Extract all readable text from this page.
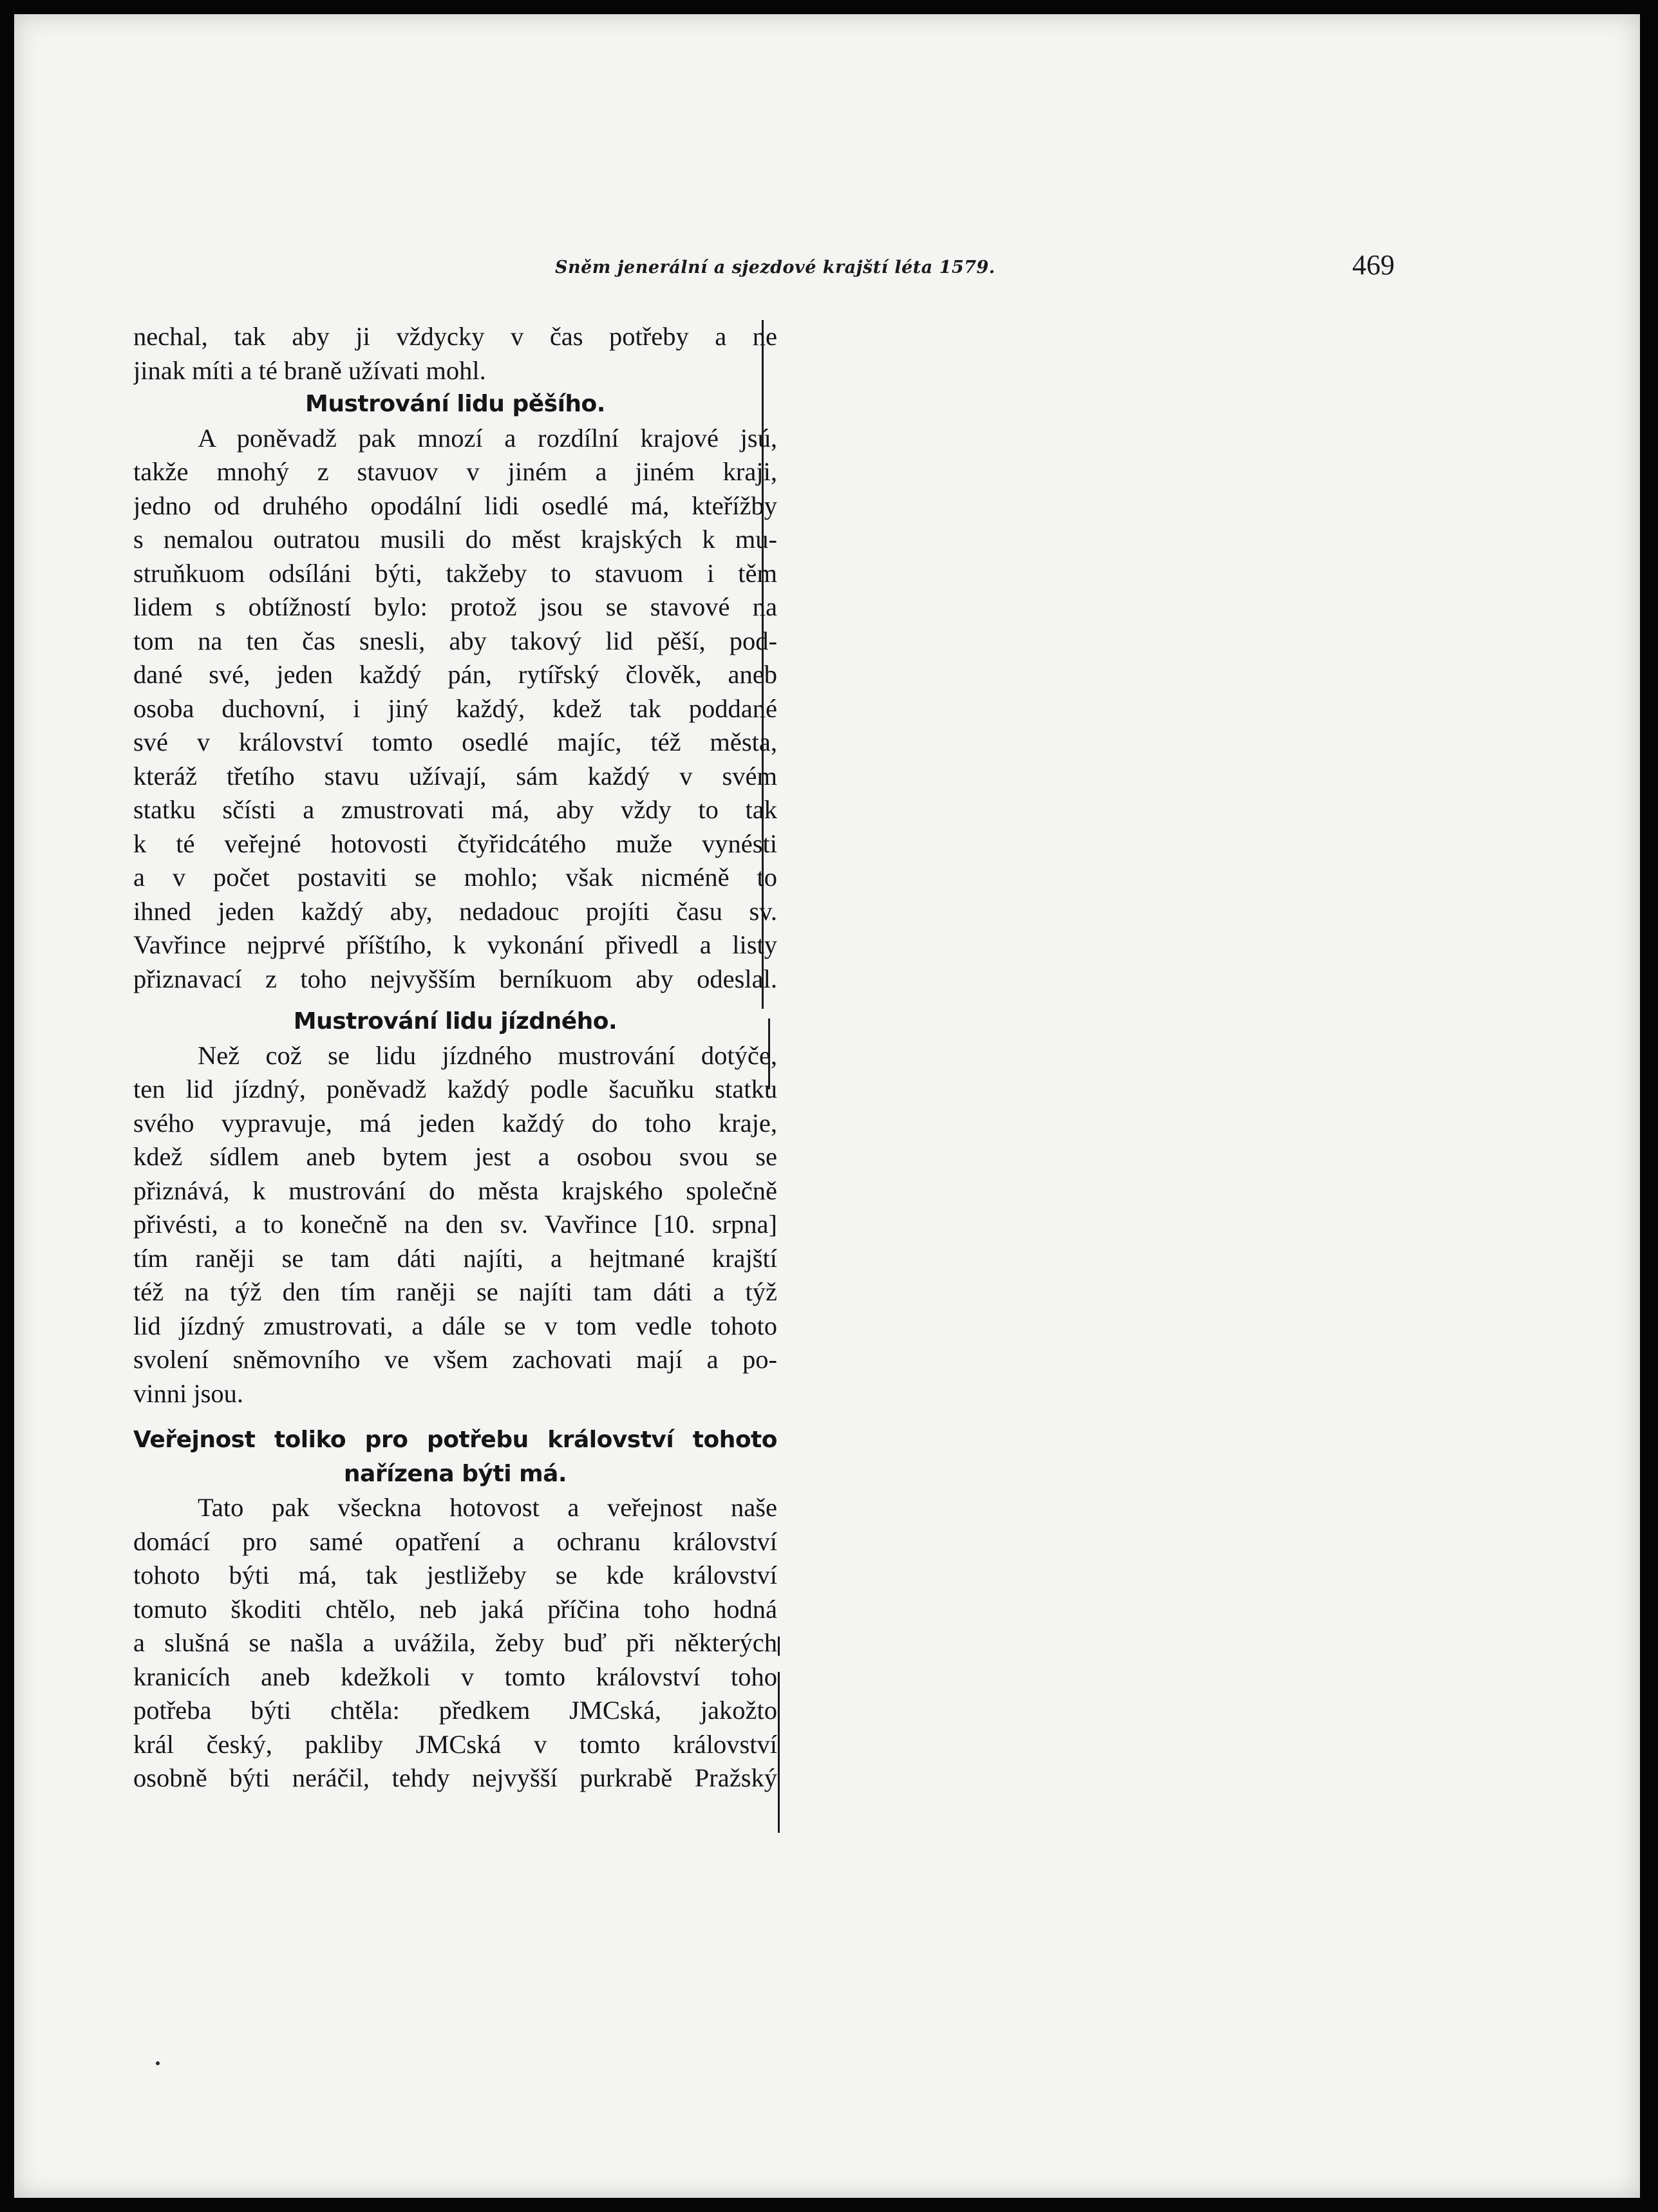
Sněm jenerální a sjezdové krajští léta 1579.	469
nechal, tak aby ji vždycky v čas potřeby a ne
jinak míti a té braně užívati mohl.
Mustrování lidu pěšího.
A poněvadž pak mnozí a rozdílní krajové jsú,
takže mnohý z stavuov v jiném a jiném kraji,
jedno od druhého opodální lidi osedlé má, kteřížby
s nemalou outratou musili do měst krajských k mu-
struňkuom odsíláni býti, takžeby to stavuom i těm
lidem s obtížností bylo: protož jsou se stavové na
tom na ten čas snesli, aby takový lid pěší, pod-
dané své, jeden každý pán, rytířský člověk, aneb
osoba duchovní, i jiný každý, kdež tak poddané
své v království tomto osedlé majíc, též města,
kteráž třetího stavu užívají, sám každý v svém
statku sčísti a zmustrovati má, aby vždy to tak
k té veřejné hotovosti čtyřidcátého muže vynésti
a v počet postaviti se mohlo; však nicméně to
ihned jeden každý aby, nedadouc projíti času sv.
Vavřince nejprvé příštího, k vykonání přivedl a listy
přiznavací z toho nejvyšším berníkuom aby odeslal.
Mustrování lidu jízdného.
Než což se lidu jízdného mustrování dotýče,
ten lid jízdný, poněvadž každý podle šacuňku statku
svého vypravuje, má jeden každý do toho kraje,
kdež sídlem aneb bytem jest a osobou svou se
přiznává, k mustrování do města krajského společně
přivésti, a to konečně na den sv. Vavřince [10. srpna]
tím raněji se tam dáti najíti, a hejtmané krajští
též na týž den tím raněji se najíti tam dáti a týž
lid jízdný zmustrovati, a dále se v tom vedle tohoto
svolení sněmovního ve všem zachovati mají a po-
vinni jsou.
Veřejnost toliko pro potřebu království tohoto
nařízena býti má.
Tato pak všeckna hotovost a veřejnost naše
domácí pro samé opatření a ochranu království
tohoto býti má, tak jestližeby se kde království
tomuto škoditi chtělo, neb jaká příčina toho hodná
a slušná se našla a uvážila, žeby buď při některých
kranicích aneb kdežkoli v tomto království toho
potřeba býti chtěla: předkem JMCská, jakožto
král český, pakliby JMCská v tomto království
osobně býti neráčil, tehdy nejvyšší purkrabě Pražský
